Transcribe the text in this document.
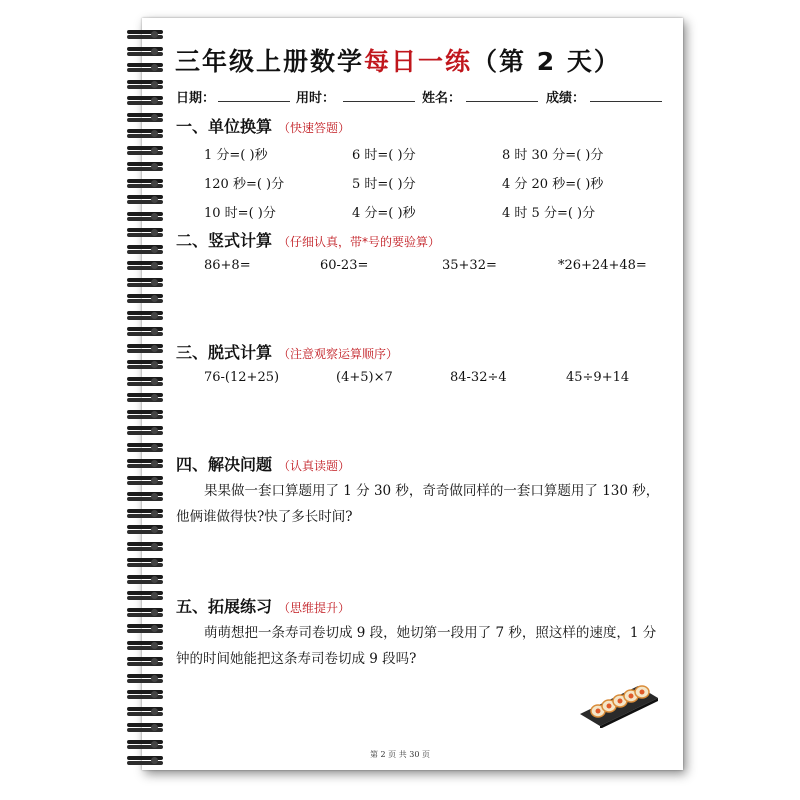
三年级上册数学每日一练（第 2 天）
日期：	用时：	姓名：	成绩：
一、单位换算 （快速答题）
1 分=( )秒	6 时=( )分	8 时 30 分=( )分
120 秒=( )分	5 时=( )分	4 分 20 秒=( )秒
10 时=( )分	4 分=( )秒	4 时 5 分=( )分
二、竖式计算 （仔细认真，带*号的要验算）
86+8=	60-23=	35+32=	*26+24+48=
三、脱式计算 （注意观察运算顺序）
76-(12+25)	(4+5)×7	84-32÷4	45÷9+14
四、解决问题 （认真读题）
果果做一套口算题用了 1 分 30 秒，奇奇做同样的一套口算题用了 130 秒，他俩谁做得快?快了多长时间?
五、拓展练习 （思维提升）
萌萌想把一条寿司卷切成 9 段，她切第一段用了 7 秒，照这样的速度，1 分钟的时间她能把这条寿司卷切成 9 段吗?
第 2 页 共 30 页
